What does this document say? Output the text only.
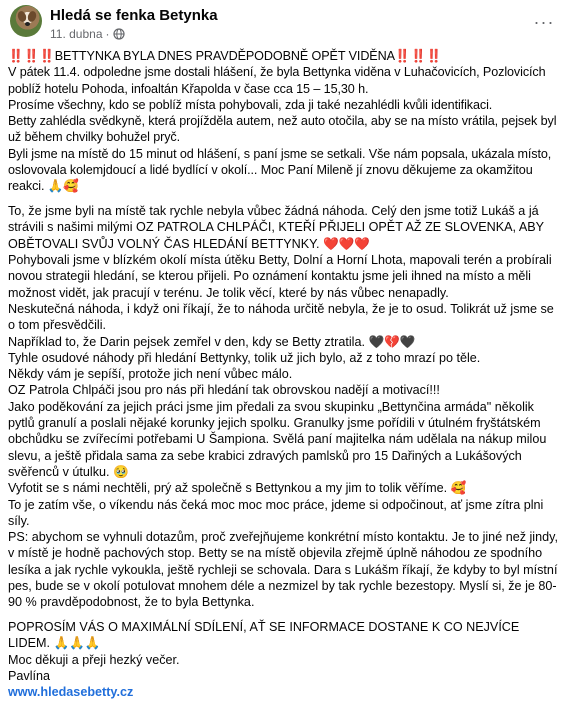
Hledá se fenka Betynka
11. dubna ·
···

‼️‼️‼️BETTYNKA BYLA DNES PRAVDĚPODOBNĚ OPĚT VIDĚNA‼️‼️‼️
V pátek 11.4. odpoledne jsme dostali hlášení, že byla Bettynka viděna v Luhačovicích, Pozlovicích poblíž hotelu Pohoda, infoaltán Křapolda v čase cca 15 – 15,30 h.
Prosíme všechny, kdo se poblíž místa pohybovali, zda ji také nezahlédli kvůli identifikaci.
Betty zahlédla svědkyně, která projížděla autem, než auto otočila, aby se na místo vrátila, pejsek byl už během chvilky bohužel pryč.
Byli jsme na místě do 15 minut od hlášení, s paní jsme se setkali. Vše nám popsala, ukázala místo, oslovovala kolemjdoucí a lidé bydlící v okolí... Moc Paní Mileně jí znovu děkujeme za okamžitou reakci. 🙏🥰

To, že jsme byli na místě tak rychle nebyla vůbec žádná náhoda. Celý den jsme totiž Lukáš a já  strávili s našimi milými OZ PATROLA CHLPÁČI, KTEŘÍ PŘIJELI OPĚT AŽ ZE SLOVENKA, ABY OBĚTOVALI SVŮJ VOLNÝ ČAS HLEDÁNÍ BETTYNKY. ❤️❤️❤️
Pohybovali jsme v blízkém okolí místa útěku Betty, Dolní a Horní Lhota, mapovali terén a probírali novou strategii hledání, se kterou přijeli. Po oznámení kontaktu jsme jeli ihned na místo a měli možnost vidět, jak pracují v terénu. Je tolik věcí, které by nás vůbec nenapadly.
Neskutečná náhoda, i když oni říkají, že to náhoda určitě nebyla, že je to osud. Tolikrát už jsme se o tom přesvědčili.
Například to, že Darin pejsek zemřel v den, kdy se Betty ztratila. 🖤💔🖤
Tyhle osudové náhody při hledání Bettynky, tolik už jich bylo, až z toho mrazí po těle.
Někdy vám je sepíší, protože jich není vůbec málo.
OZ Patrola Chlpáči jsou pro nás při hledání tak obrovskou nadějí a motivací!!!
Jako poděkování za jejich práci jsme jim předali za svou skupinku „Bettynčina armáda" několik pytlů granulí a poslali nějaké korunky jejich spolku. Granulky jsme pořídili v útulném fryštátském obchůdku se zvířecími potřebami U Šampiona. Svělá paní majitelka nám udělala na nákup milou slevu, a ještě přidala sama za sebe krabici zdravých pamlsků pro 15 Dařiných a Lukášových svěřenců v útulku. 🥹
Vyfotit se s námi nechtěli, prý až společně s Bettynkou a my jim to tolik věříme. 🥰
To je zatím vše, o víkendu nás čeká moc moc moc práce, jdeme si odpočinout, ať jsme zítra plni síly.
PS: abychom se vyhnuli dotazům, proč zveřejňujeme konkrétní místo kontaktu. Je to jiné než jindy, v místě je hodně pachových stop. Betty se na místě objevila zřejmě úplně náhodou ze spodního lesíka a jak rychle vykoukla, ještě rychleji se schovala. Dara s Lukášm říkají, že kdyby to byl místní pes, bude se v okolí potulovat mnohem déle a nezmizel by tak rychle bezestopy. Myslí si, že je 80-90 % pravděpodobnost, že to byla Bettynka.

POPROSÍM VÁS O MAXIMÁLNÍ SDÍLENÍ, AŤ SE INFORMACE DOSTANE K CO NEJVÍCE LIDEM. 🙏🙏🙏
Moc děkuji a přeji hezký večer.
Pavlína

www.hledasebetty.cz
